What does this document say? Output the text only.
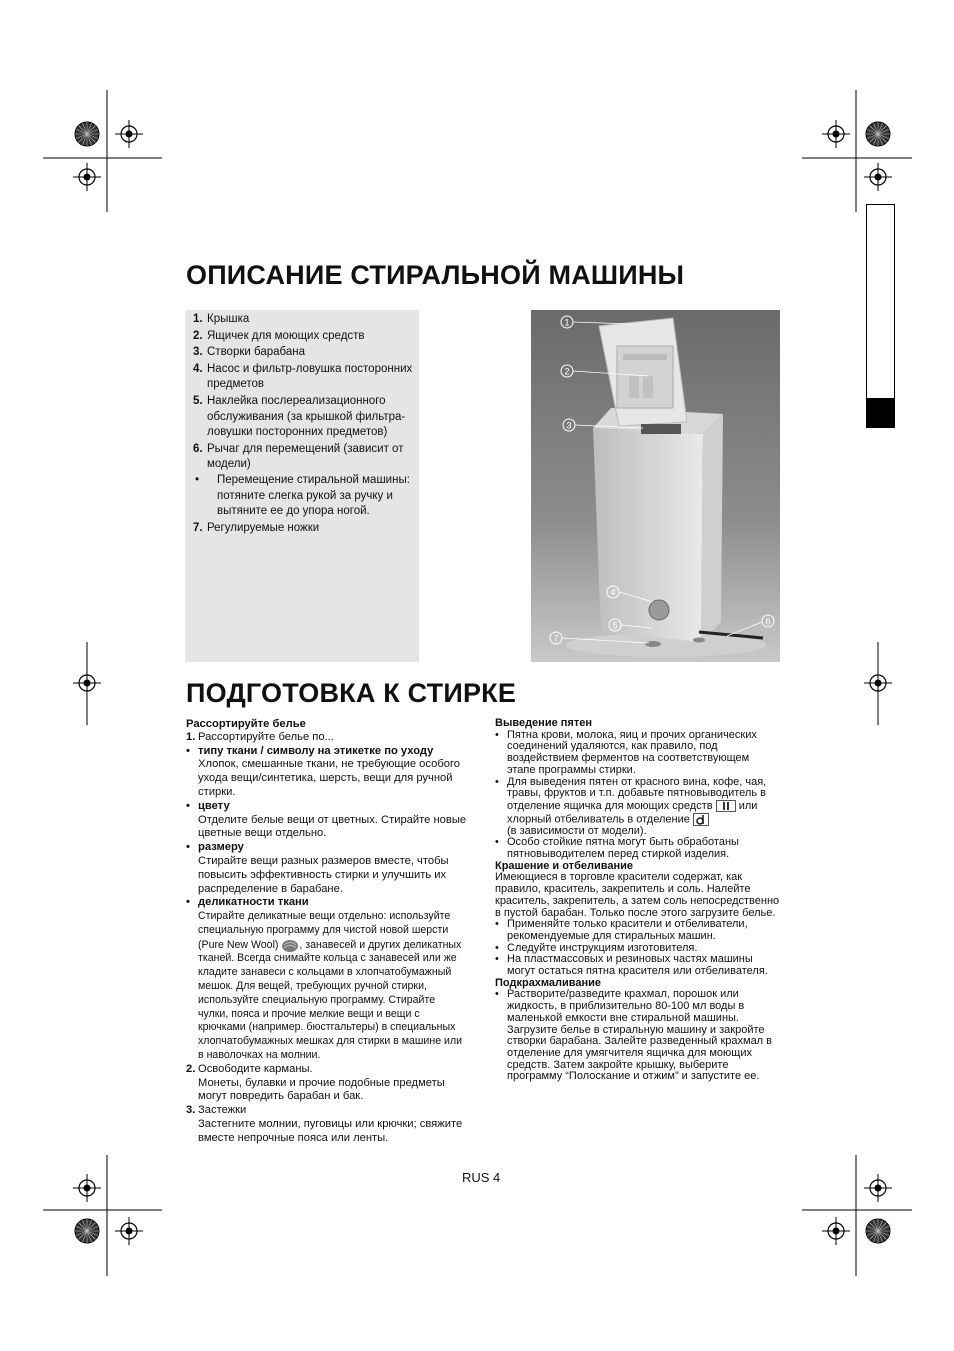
ОПИСАНИЕ СТИРАЛЬНОЙ МАШИНЫ
1. Крышка
2. Ящичек для моющих средств
3. Створки барабана
4. Насос и фильтр-ловушка посторонних предметов
5. Наклейка послереализационного обслуживания (за крышкой фильтра-ловушки посторонних предметов)
6. Рычаг для перемещений (зависит от модели)
•	Перемещение стиральной машины: потяните слегка рукой за ручку и вытяните ее до упора ногой.
7. Регулируемые ножки
1
2
3
4
5	6
7
ПОДГОТОВКА К СТИРКЕ

Рассортируйте белье

1. Рассортируйте белье по...
• типу ткани / символу на этикетке по уходу

Хлопок, смешанные ткани, не требующие особого ухода вещи/синтетика, шерсть, вещи для ручной стирки.

• цвету

Отделите белые вещи от цветных. Стирайте новые цветные вещи отдельно.

• размеру

Стирайте вещи разных размеров вместе, чтобы повысить эффективность стирки и улучшить их распределение в барабане.

• деликатности ткани

Стирайте деликатные вещи отдельно: используйте специальную программу для чистой новой шерсти (Pure New Wool) , занавесей и других деликатных тканей. Всегда снимайте кольца с занавесей или же кладите занавеси с кольцами в хлопчатобумажный мешок. Для вещей, требующих ручной стирки, используйте специальную программу. Стирайте чулки, пояса и прочие мелкие вещи и вещи с крючками (например. бюстгальтеры) в специальных хлопчатобумажных мешках для стирки в машине или в наволочках на молнии.

2. Освободите карманы.

Монеты, булавки и прочие подобные предметы могут повредить барабан и бак.

3. Застежки

Застегните молнии, пуговицы или крючки; свяжите вместе непрочные пояса или ленты.

Выведение пятен

• Пятна крови, молока, яиц и прочих органических соединений удаляются, как правило, под воздействием ферментов на соответствующем этапе программы стирки.
• Для выведения пятен от красного вина, кофе, чая, травы, фруктов и т.п. добавьте пятновыводитель в отделение ящичка для моющих средств или хлорный отбеливатель в отделение
(в зависимости от модели).
• Особо стойкие пятна могут быть обработаны пятновыводителем перед стиркой изделия.

Крашение и отбеливание

Имеющиеся в торговле красители содержат, как правило, краситель, закрепитель и соль. Налейте краситель, закрепитель, а затем соль непосредственно в пустой барабан. Только после этого загрузите белье.

• Применяйте только красители и отбеливатели, рекомендуемые для стиральных машин.
• Следуйте инструкциям изготовителя.
• На пластмассовых и резиновых частях машины могут остаться пятна красителя или отбеливателя.

Подкрахмаливание

• Растворите/разведите крахмал, порошок или жидкость, в приблизительно 80-100 мл воды в маленькой емкости вне стиральной машины. Загрузите белье в стиральную машину и закройте створки барабана. Залейте разведенный крахмал в отделение для умягчителя ящичка для моющих средств. Затем закройте крышку, выберите программу “Полоскание и отжим” и запустите ее.
RUS 4
